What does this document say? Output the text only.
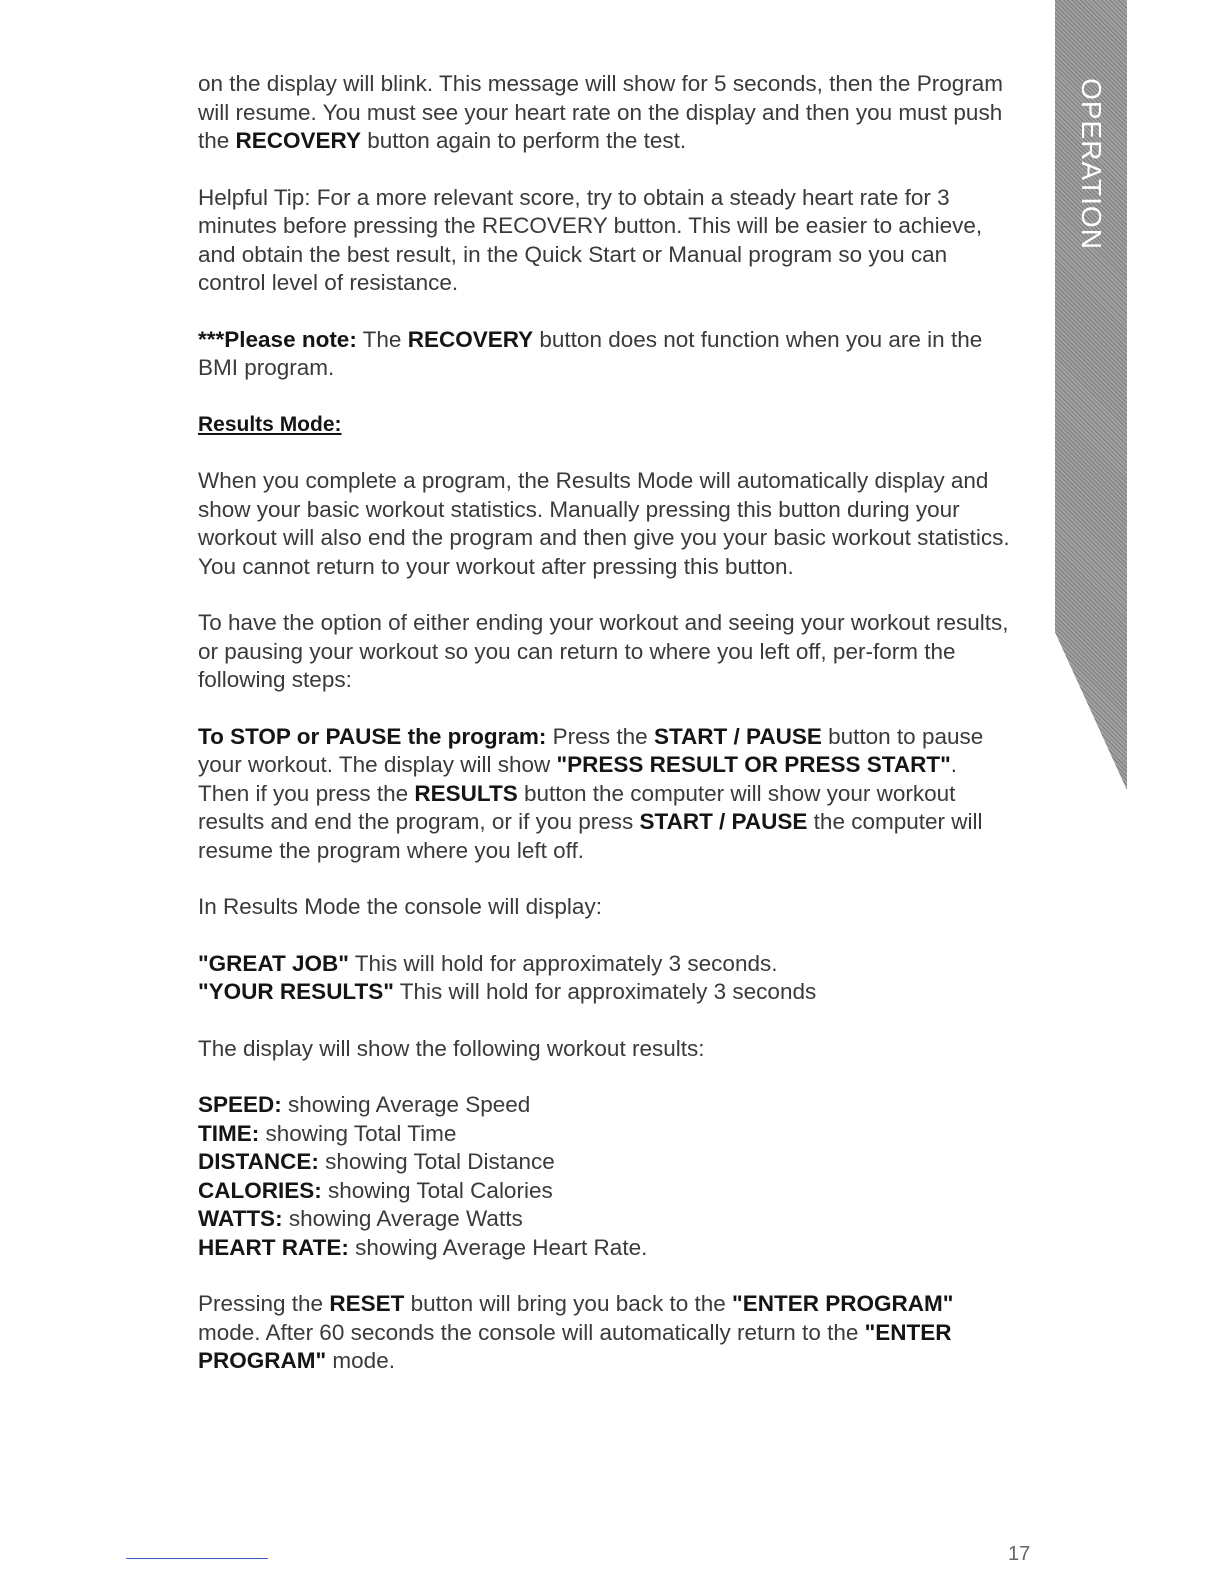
OPERATION

on the display will blink. This message will show for 5 seconds, then the Program will resume. You must see your heart rate on the display and then you must push the RECOVERY button again to perform the test.

Helpful Tip: For a more relevant score, try to obtain a steady heart rate for 3 minutes before pressing the RECOVERY button. This will be easier to achieve, and obtain the best result, in the Quick Start or Manual program so you can control level of resistance.

***Please note: The RECOVERY button does not function when you are in the BMI program.

Results Mode:

When you complete a program, the Results Mode will automatically display and show your basic workout statistics. Manually pressing this button during your workout will also end the program and then give you your basic workout statistics. You cannot return to your workout after pressing this button.

To have the option of either ending your workout and seeing your workout results, or pausing your workout so you can return to where you left off, per-form the following steps:

To STOP or PAUSE the program: Press the START / PAUSE button to pause your workout. The display will show "PRESS RESULT OR PRESS START". Then if you press the RESULTS button the computer will show your workout results and end the program, or if you press START / PAUSE the computer will resume the program where you left off.

In Results Mode the console will display:

"GREAT JOB" This will hold for approximately 3 seconds.
"YOUR RESULTS" This will hold for approximately 3 seconds

The display will show the following workout results:

SPEED: showing Average Speed
TIME: showing Total Time
DISTANCE: showing Total Distance
CALORIES: showing Total Calories
WATTS: showing Average Watts
HEART RATE: showing Average Heart Rate.

Pressing the RESET button will bring you back to the "ENTER PROGRAM" mode. After 60 seconds the console will automatically return to the "ENTER PROGRAM" mode.

17
